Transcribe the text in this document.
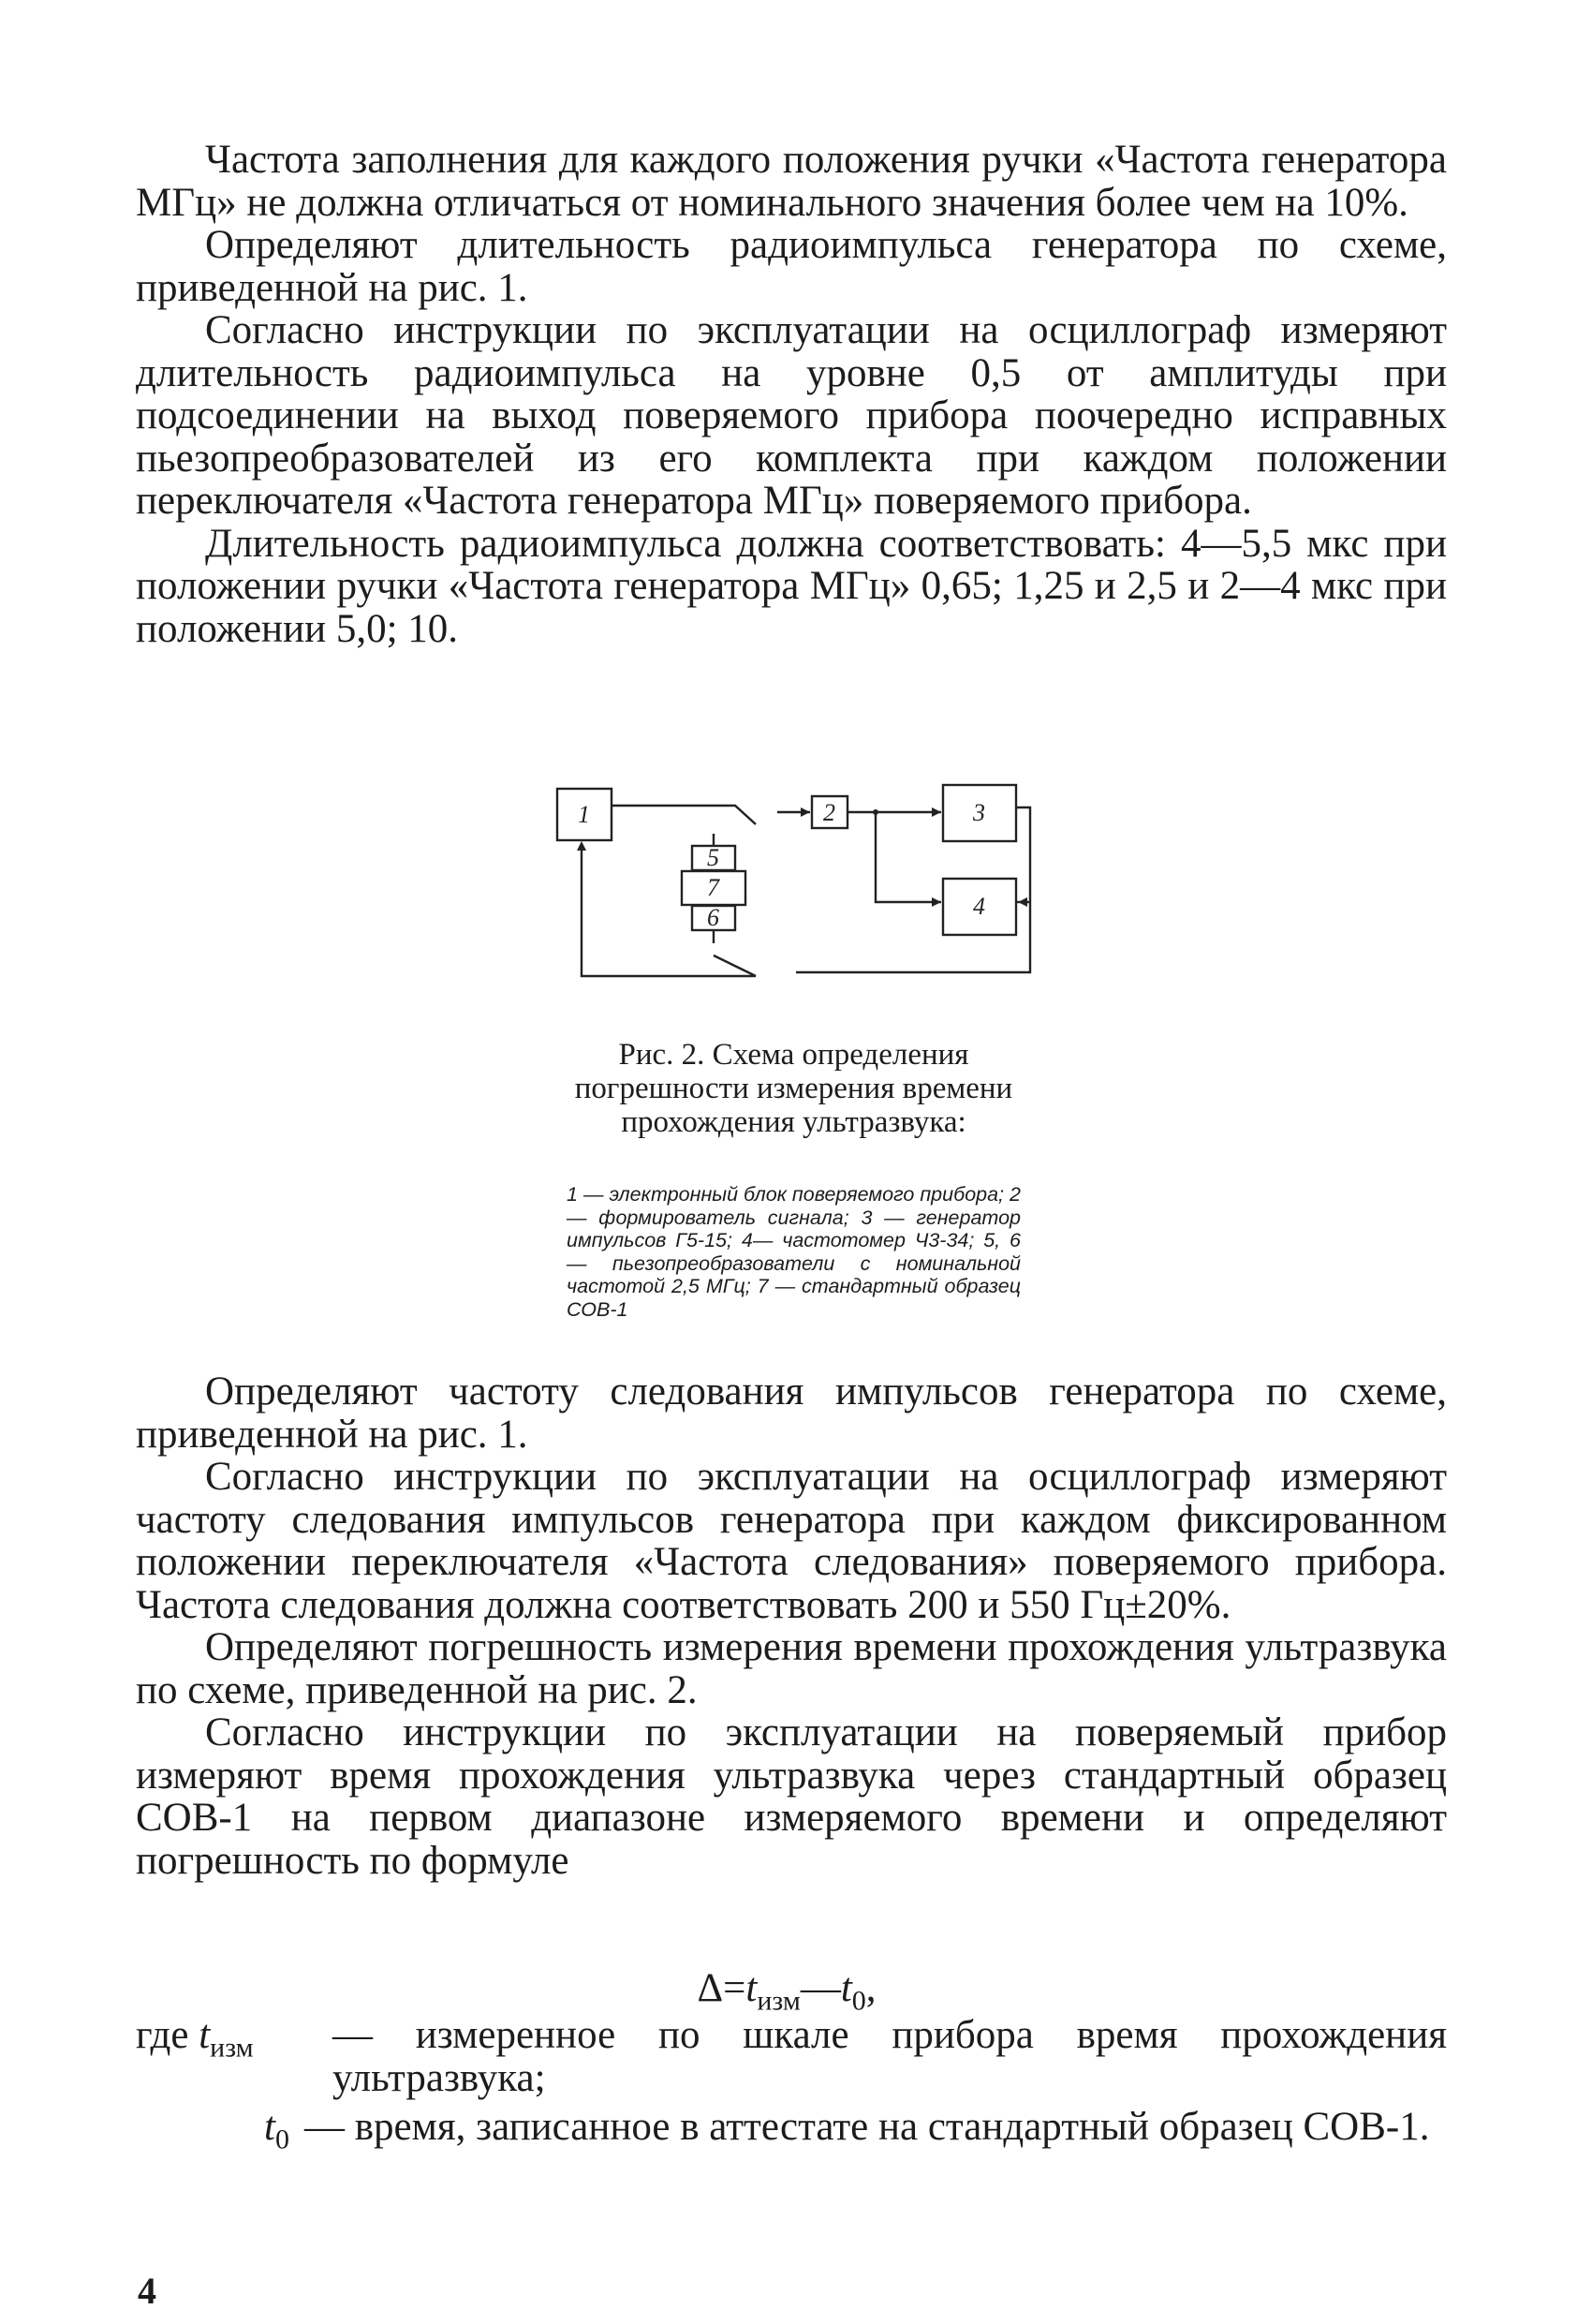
Частота заполнения для каждого положения ручки «Частота генератора МГц» не должна отличаться от номинального значения более чем на 10%.

Определяют длительность радиоимпульса генератора по схеме, приведенной на рис. 1.

Согласно инструкции по эксплуатации на осциллограф измеряют длительность радиоимпульса на уровне 0,5 от амплитуды при подсоединении на выход поверяемого прибора поочередно исправных пьезопреобразователей из его комплекта при каждом положении переключателя «Частота генератора МГц» поверяемого прибора.

Длительность радиоимпульса должна соответствовать: 4—5,5 мкс при положении ручки «Частота генератора МГц» 0,65; 1,25 и 2,5 и 2—4 мкс при положении 5,0; 10.

1	2	3
4
5
7
6
Рис. 2. Схема определения погрешности измерения времени прохождения ультразвука:
1 — электронный блок поверяемого прибора; 2 — формирователь сигнала; 3 — генератор импульсов Г5-15; 4— частотомер Ч3-34; 5, 6 — пьезопреобразователи с номинальной частотой 2,5 МГц; 7 — стандартный образец СОВ-1

Определяют частоту следования импульсов генератора по схеме, приведенной на рис. 1.

Согласно инструкции по эксплуатации на осциллограф измеряют частоту следования импульсов генератора при каждом фиксированном положении переключателя «Частота следования» поверяемого прибора. Частота следования должна соответствовать 200 и 550 Гц±20%.

Определяют погрешность измерения времени прохождения ультразвука по схеме, приведенной на рис. 2.

Согласно инструкции по эксплуатации на поверяемый прибор измеряют время прохождения ультразвука через стандартный образец СОВ-1 на первом диапазоне измеряемого времени и определяют погрешность по формуле

$\Delta=t_{изм}—t_0$,
где $t_{изм}$ — измеренное по шкале прибора время прохождения ультразвука;
$t_0$ — время, записанное в аттестате на стандартный образец СОВ-1.
4
